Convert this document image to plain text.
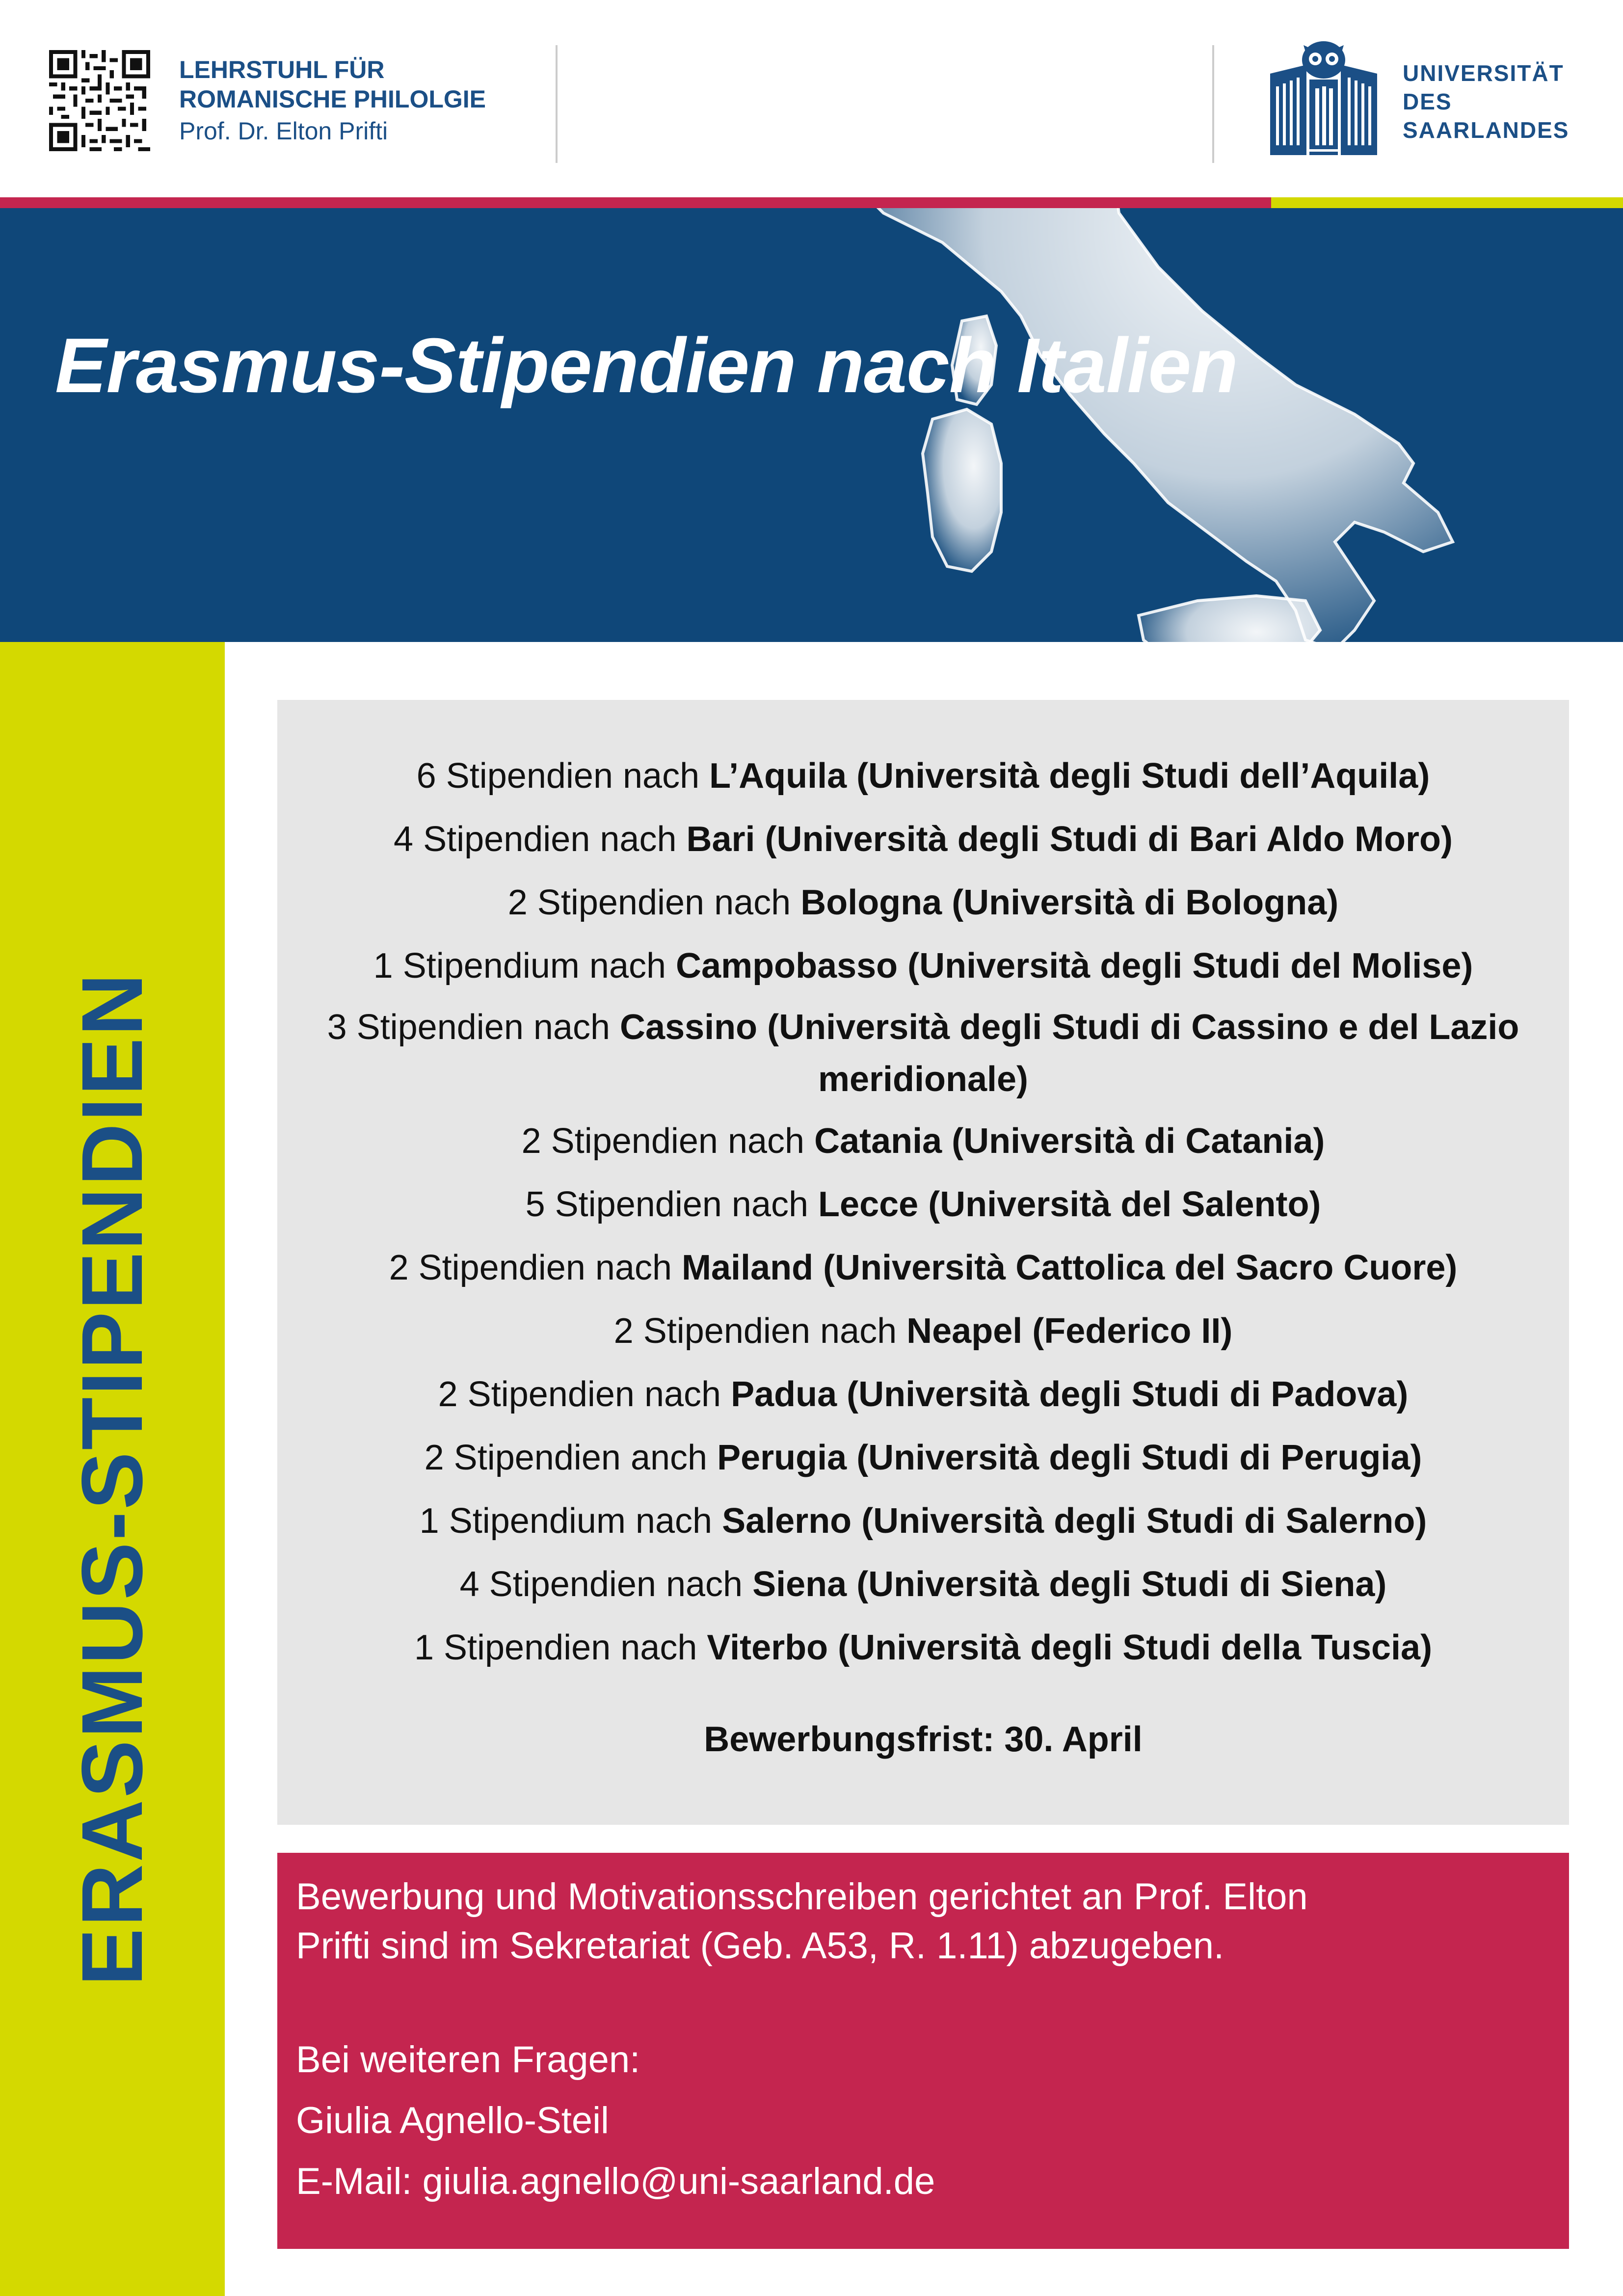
LEHRSTUHL FÜR
ROMANISCHE PHILOLGIE
Prof. Dr. Elton Prifti
UNIVERSITÄT
DES
SAARLANDES
Erasmus-Stipendien nach Italien
ERASMUS-STIPENDIEN
6 Stipendien nach L’Aquila (Università degli Studi dell’Aquila)
4 Stipendien nach Bari (Università degli Studi di Bari Aldo Moro)
2 Stipendien nach Bologna (Università di Bologna)
1 Stipendium nach Campobasso (Università degli Studi del Molise)
3 Stipendien nach Cassino (Università degli Studi di Cassino e del Lazio meridionale)
2 Stipendien nach Catania (Università di Catania)
5 Stipendien nach Lecce (Università del Salento)
2 Stipendien nach Mailand (Università Cattolica del Sacro Cuore)
2 Stipendien nach Neapel (Federico II)
2 Stipendien nach Padua (Università degli Studi di Padova)
2 Stipendien anch Perugia (Università degli Studi di Perugia)
1 Stipendium nach Salerno (Università degli Studi di Salerno)
4 Stipendien nach Siena (Università degli Studi di Siena)
1 Stipendien nach Viterbo (Università degli Studi della Tuscia)
Bewerbungsfrist: 30. April

Bewerbung und Motivationsschreiben gerichtet an Prof. Elton

Prifti sind im Sekretariat (Geb. A53, R. 1.11) abzugeben.

Bei weiteren Fragen:

Giulia Agnello-Steil

E-Mail: giulia.agnello@uni-saarland.de
